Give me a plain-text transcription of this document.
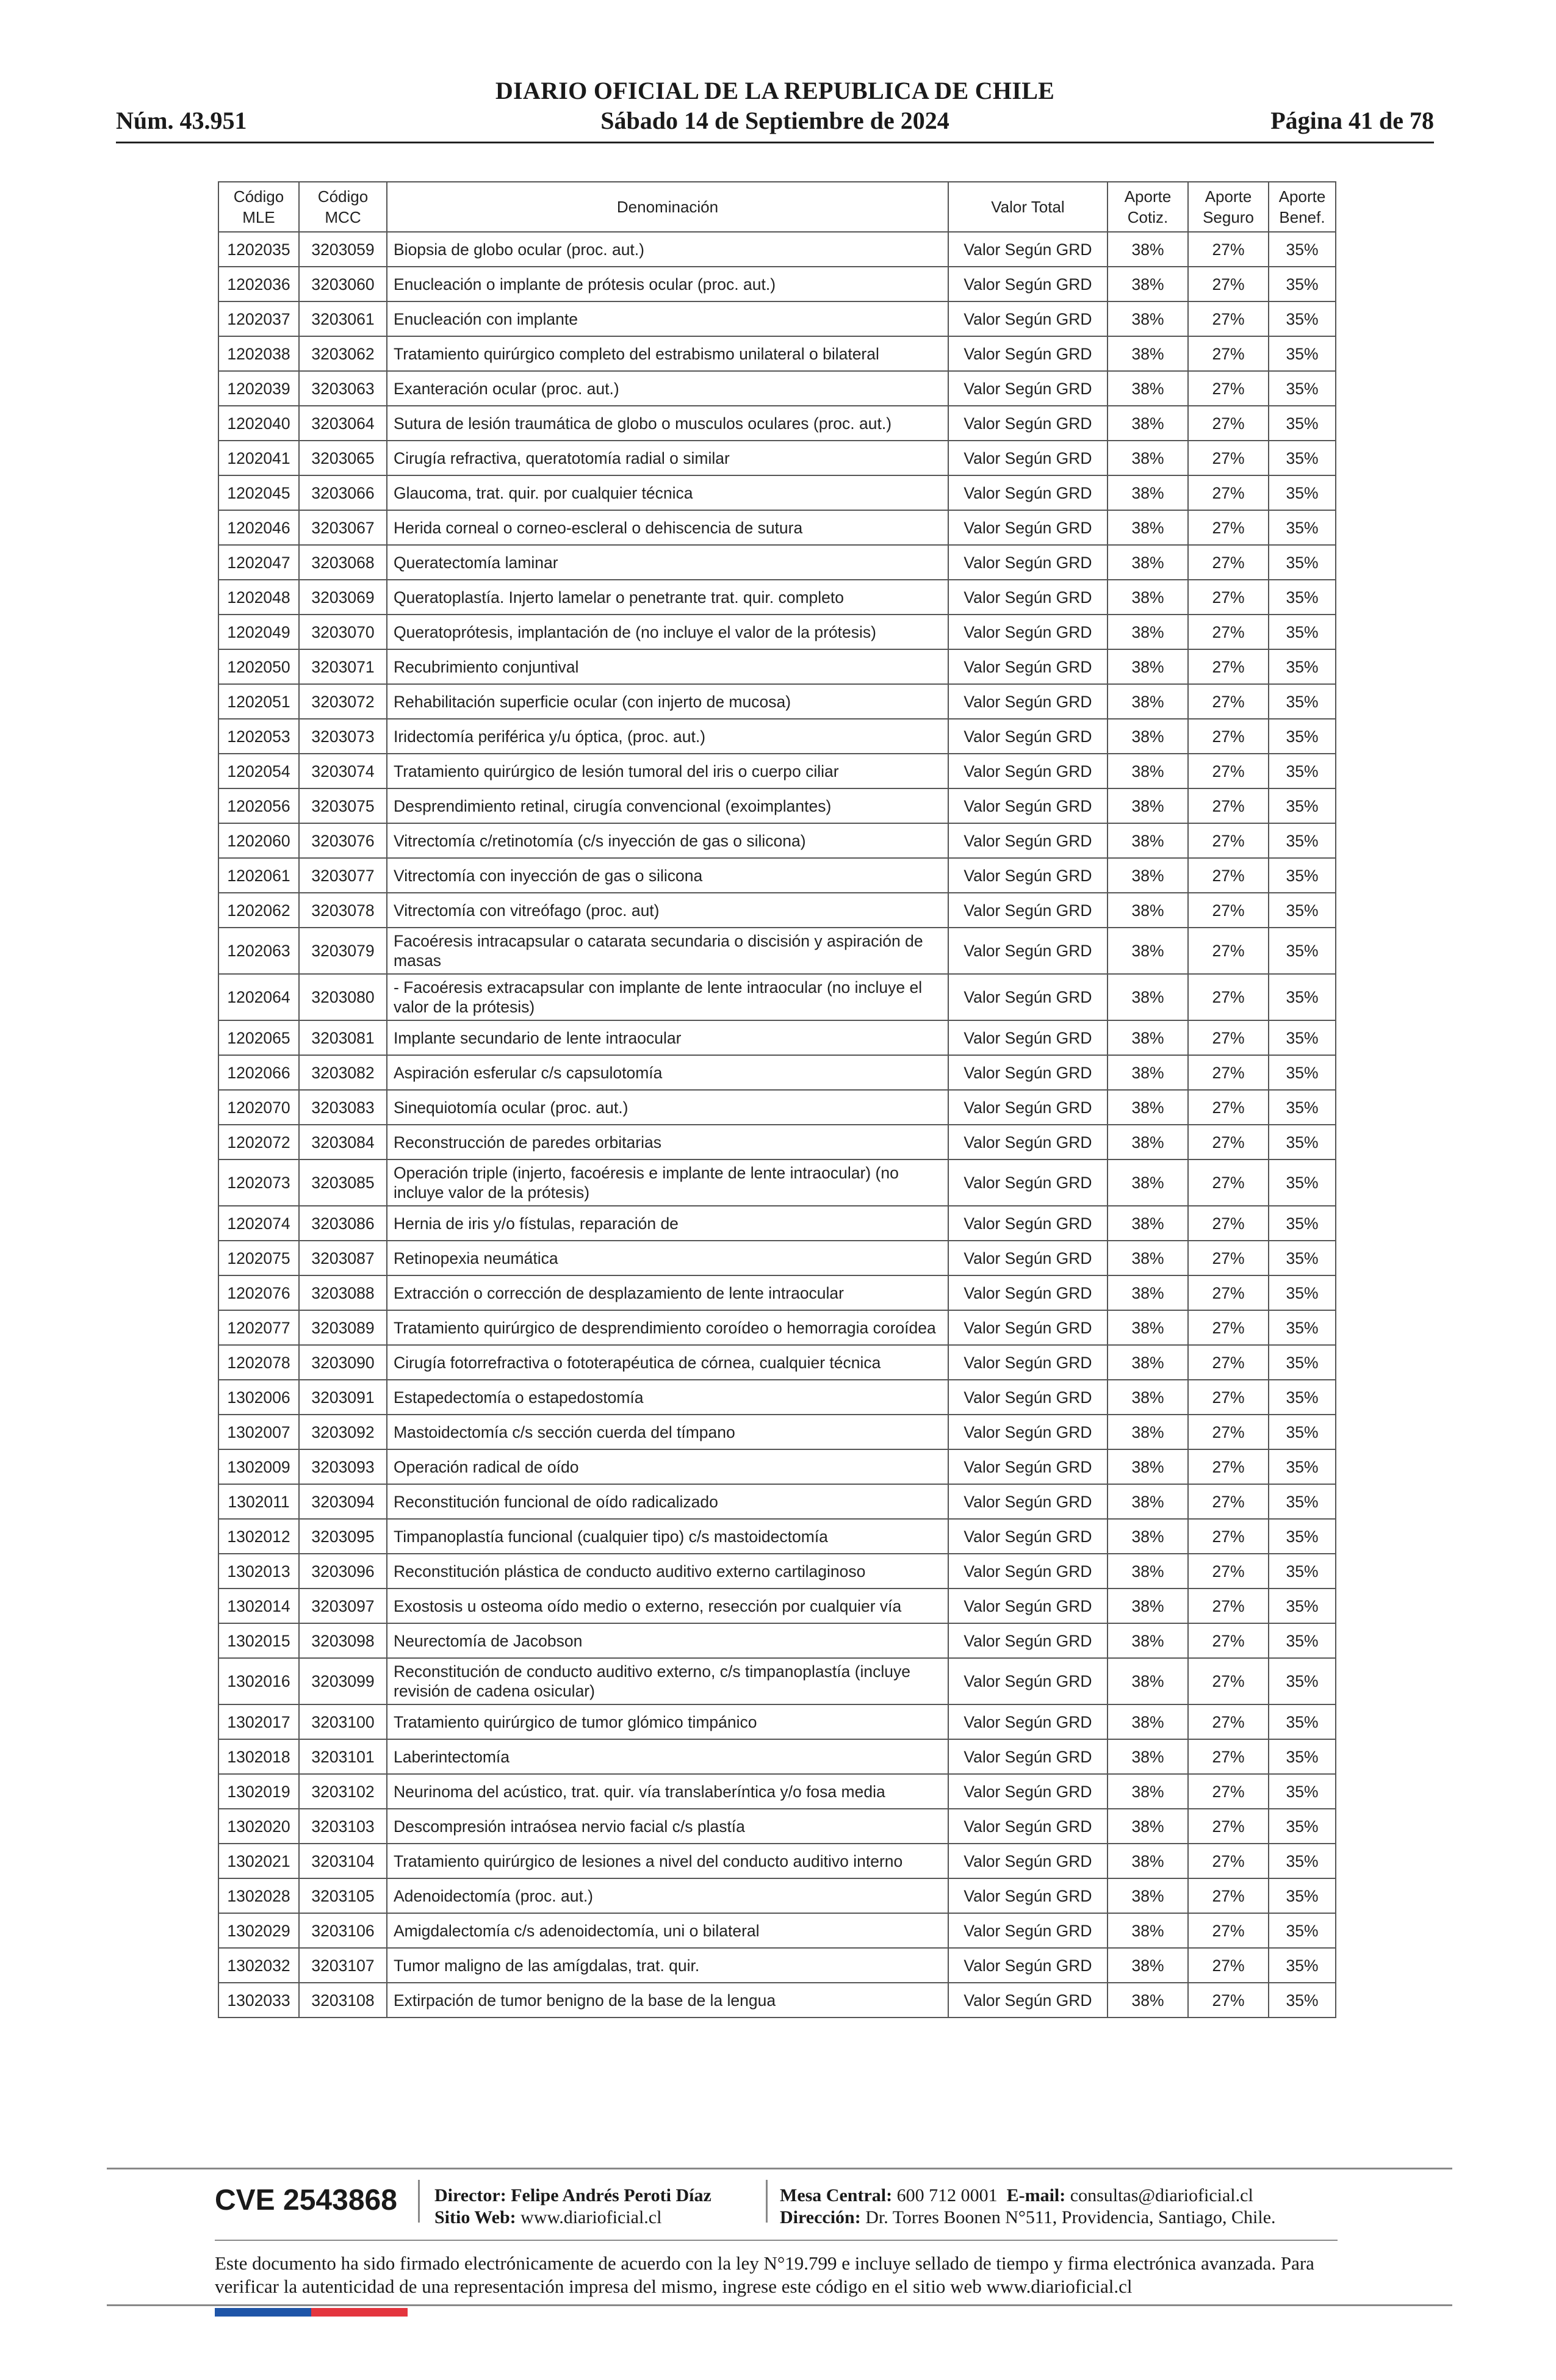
DIARIO OFICIAL DE LA REPUBLICA DE CHILE
Núm. 43.951	Sábado 14 de Septiembre de 2024	Página 41 de 78
Código MLE	Código MCC	Denominación	Valor Total	Aporte Cotiz.	Aporte Seguro	Aporte Benef.
1202035	3203059	Biopsia de globo ocular (proc. aut.)	Valor Según GRD	38%	27%	35%
1202036	3203060	Enucleación o implante de prótesis ocular (proc. aut.)	Valor Según GRD	38%	27%	35%
1202037	3203061	Enucleación con implante	Valor Según GRD	38%	27%	35%
1202038	3203062	Tratamiento quirúrgico completo del estrabismo unilateral o bilateral	Valor Según GRD	38%	27%	35%
1202039	3203063	Exanteración ocular (proc. aut.)	Valor Según GRD	38%	27%	35%
1202040	3203064	Sutura de lesión traumática de globo o musculos oculares (proc. aut.)	Valor Según GRD	38%	27%	35%
1202041	3203065	Cirugía refractiva, queratotomía radial o similar	Valor Según GRD	38%	27%	35%
1202045	3203066	Glaucoma, trat. quir. por cualquier técnica	Valor Según GRD	38%	27%	35%
1202046	3203067	Herida corneal o corneo-escleral o dehiscencia de sutura	Valor Según GRD	38%	27%	35%
1202047	3203068	Queratectomía laminar	Valor Según GRD	38%	27%	35%
1202048	3203069	Queratoplastía. Injerto lamelar o penetrante trat. quir. completo	Valor Según GRD	38%	27%	35%
1202049	3203070	Queratoprótesis, implantación de (no incluye el valor de la prótesis)	Valor Según GRD	38%	27%	35%
1202050	3203071	Recubrimiento conjuntival	Valor Según GRD	38%	27%	35%
1202051	3203072	Rehabilitación superficie ocular (con injerto de mucosa)	Valor Según GRD	38%	27%	35%
1202053	3203073	Iridectomía periférica y/u óptica, (proc. aut.)	Valor Según GRD	38%	27%	35%
1202054	3203074	Tratamiento quirúrgico de lesión tumoral del iris o cuerpo ciliar	Valor Según GRD	38%	27%	35%
1202056	3203075	Desprendimiento retinal, cirugía convencional (exoimplantes)	Valor Según GRD	38%	27%	35%
1202060	3203076	Vitrectomía c/retinotomía (c/s inyección de gas o silicona)	Valor Según GRD	38%	27%	35%
1202061	3203077	Vitrectomía con inyección de gas o silicona	Valor Según GRD	38%	27%	35%
1202062	3203078	Vitrectomía con vitreófago (proc. aut)	Valor Según GRD	38%	27%	35%
1202063	3203079	Facoéresis intracapsular o catarata secundaria o discisión y aspiración de masas	Valor Según GRD	38%	27%	35%
1202064	3203080	- Facoéresis extracapsular con implante de lente intraocular (no incluye el valor de la prótesis)	Valor Según GRD	38%	27%	35%
1202065	3203081	Implante secundario de lente intraocular	Valor Según GRD	38%	27%	35%
1202066	3203082	Aspiración esferular c/s capsulotomía	Valor Según GRD	38%	27%	35%
1202070	3203083	Sinequiotomía ocular (proc. aut.)	Valor Según GRD	38%	27%	35%
1202072	3203084	Reconstrucción de paredes orbitarias	Valor Según GRD	38%	27%	35%
1202073	3203085	Operación triple (injerto, facoéresis e implante de lente intraocular) (no incluye valor de la prótesis)	Valor Según GRD	38%	27%	35%
1202074	3203086	Hernia de iris y/o fístulas, reparación de	Valor Según GRD	38%	27%	35%
1202075	3203087	Retinopexia neumática	Valor Según GRD	38%	27%	35%
1202076	3203088	Extracción o corrección de desplazamiento de lente intraocular	Valor Según GRD	38%	27%	35%
1202077	3203089	Tratamiento quirúrgico de desprendimiento coroídeo o hemorragia coroídea	Valor Según GRD	38%	27%	35%
1202078	3203090	Cirugía fotorrefractiva o fototerapéutica de córnea, cualquier técnica	Valor Según GRD	38%	27%	35%
1302006	3203091	Estapedectomía o estapedostomía	Valor Según GRD	38%	27%	35%
1302007	3203092	Mastoidectomía c/s sección cuerda del tímpano	Valor Según GRD	38%	27%	35%
1302009	3203093	Operación radical de oído	Valor Según GRD	38%	27%	35%
1302011	3203094	Reconstitución funcional de oído radicalizado	Valor Según GRD	38%	27%	35%
1302012	3203095	Timpanoplastía funcional (cualquier tipo) c/s mastoidectomía	Valor Según GRD	38%	27%	35%
1302013	3203096	Reconstitución plástica de conducto auditivo externo cartilaginoso	Valor Según GRD	38%	27%	35%
1302014	3203097	Exostosis u osteoma oído medio o externo, resección por cualquier vía	Valor Según GRD	38%	27%	35%
1302015	3203098	Neurectomía de Jacobson	Valor Según GRD	38%	27%	35%
1302016	3203099	Reconstitución de conducto auditivo externo, c/s timpanoplastía (incluye revisión de cadena osicular)	Valor Según GRD	38%	27%	35%
1302017	3203100	Tratamiento quirúrgico de tumor glómico timpánico	Valor Según GRD	38%	27%	35%
1302018	3203101	Laberintectomía	Valor Según GRD	38%	27%	35%
1302019	3203102	Neurinoma del acústico, trat. quir. vía translaberíntica y/o fosa media	Valor Según GRD	38%	27%	35%
1302020	3203103	Descompresión intraósea nervio facial c/s plastía	Valor Según GRD	38%	27%	35%
1302021	3203104	Tratamiento quirúrgico de lesiones a nivel del conducto auditivo interno	Valor Según GRD	38%	27%	35%
1302028	3203105	Adenoidectomía (proc. aut.)	Valor Según GRD	38%	27%	35%
1302029	3203106	Amigdalectomía c/s adenoidectomía, uni o bilateral	Valor Según GRD	38%	27%	35%
1302032	3203107	Tumor maligno de las amígdalas, trat. quir.	Valor Según GRD	38%	27%	35%
1302033	3203108	Extirpación de tumor benigno de la base de la lengua	Valor Según GRD	38%	27%	35%
CVE 2543868 Director: Felipe Andrés Peroti Díaz
Sitio Web: www.diarioficial.cl
Mesa Central: 600 712 0001 E-mail: consultas@diarioficial.cl
Dirección: Dr. Torres Boonen N°511, Providencia, Santiago, Chile.
Este documento ha sido firmado electrónicamente de acuerdo con la ley N°19.799 e incluye sellado de tiempo y firma electrónica avanzada. Para verificar la autenticidad de una representación impresa del mismo, ingrese este código en el sitio web www.diarioficial.cl
